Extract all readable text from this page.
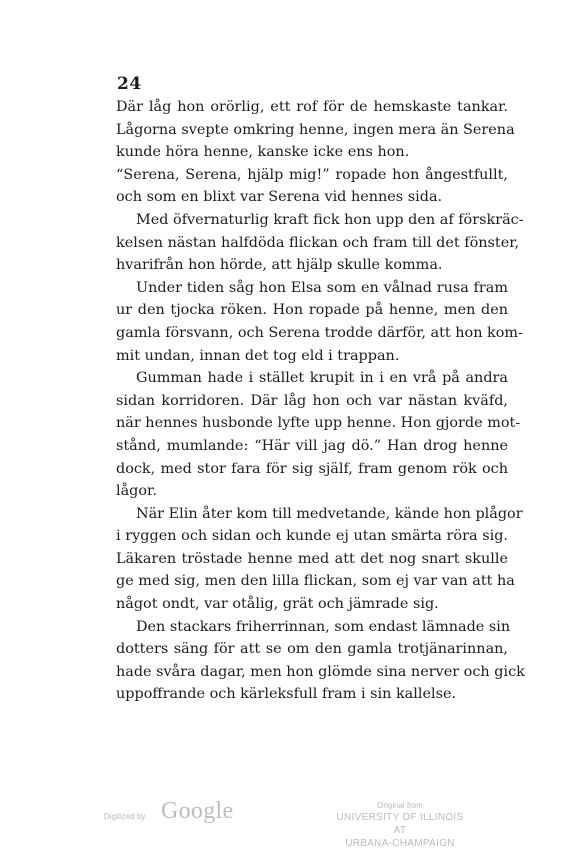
24
Där låg hon orörlig, ett rof för de hemskaste tankar.
Lågorna svepte omkring henne, ingen mera än Serena
kunde höra henne, kanske icke ens hon.
“Serena, Serena, hjälp mig!” ropade hon ångestfullt,
och som en blixt var Serena vid hennes sida.
Med öfvernaturlig kraft fick hon upp den af förskräc-
kelsen nästan halfdöda flickan och fram till det fönster,
hvarifrån hon hörde, att hjälp skulle komma.
Under tiden såg hon Elsa som en vålnad rusa fram
ur den tjocka röken. Hon ropade på henne, men den
gamla försvann, och Serena trodde därför, att hon kom-
mit undan, innan det tog eld i trappan.
Gumman hade i stället krupit in i en vrå på andra
sidan korridoren. Där låg hon och var nästan kväfd,
när hennes husbonde lyfte upp henne. Hon gjorde mot-
stånd, mumlande: “Här vill jag dö.” Han drog henne
dock, med stor fara för sig själf, fram genom rök och
lågor.
När Elin åter kom till medvetande, kände hon plågor
i ryggen och sidan och kunde ej utan smärta röra sig.
Läkaren tröstade henne med att det nog snart skulle
ge med sig, men den lilla flickan, som ej var van att ha
något ondt, var otålig, grät och jämrade sig.
Den stackars friherrinnan, som endast lämnade sin
dotters säng för att se om den gamla trotjänarinnan,
hade svåra dagar, men hon glömde sina nerver och gick
uppoffrande och kärleksfull fram i sin kallelse.
Digitized by Google	Original from
UNIVERSITY OF ILLINOIS AT
URBANA-CHAMPAIGN
